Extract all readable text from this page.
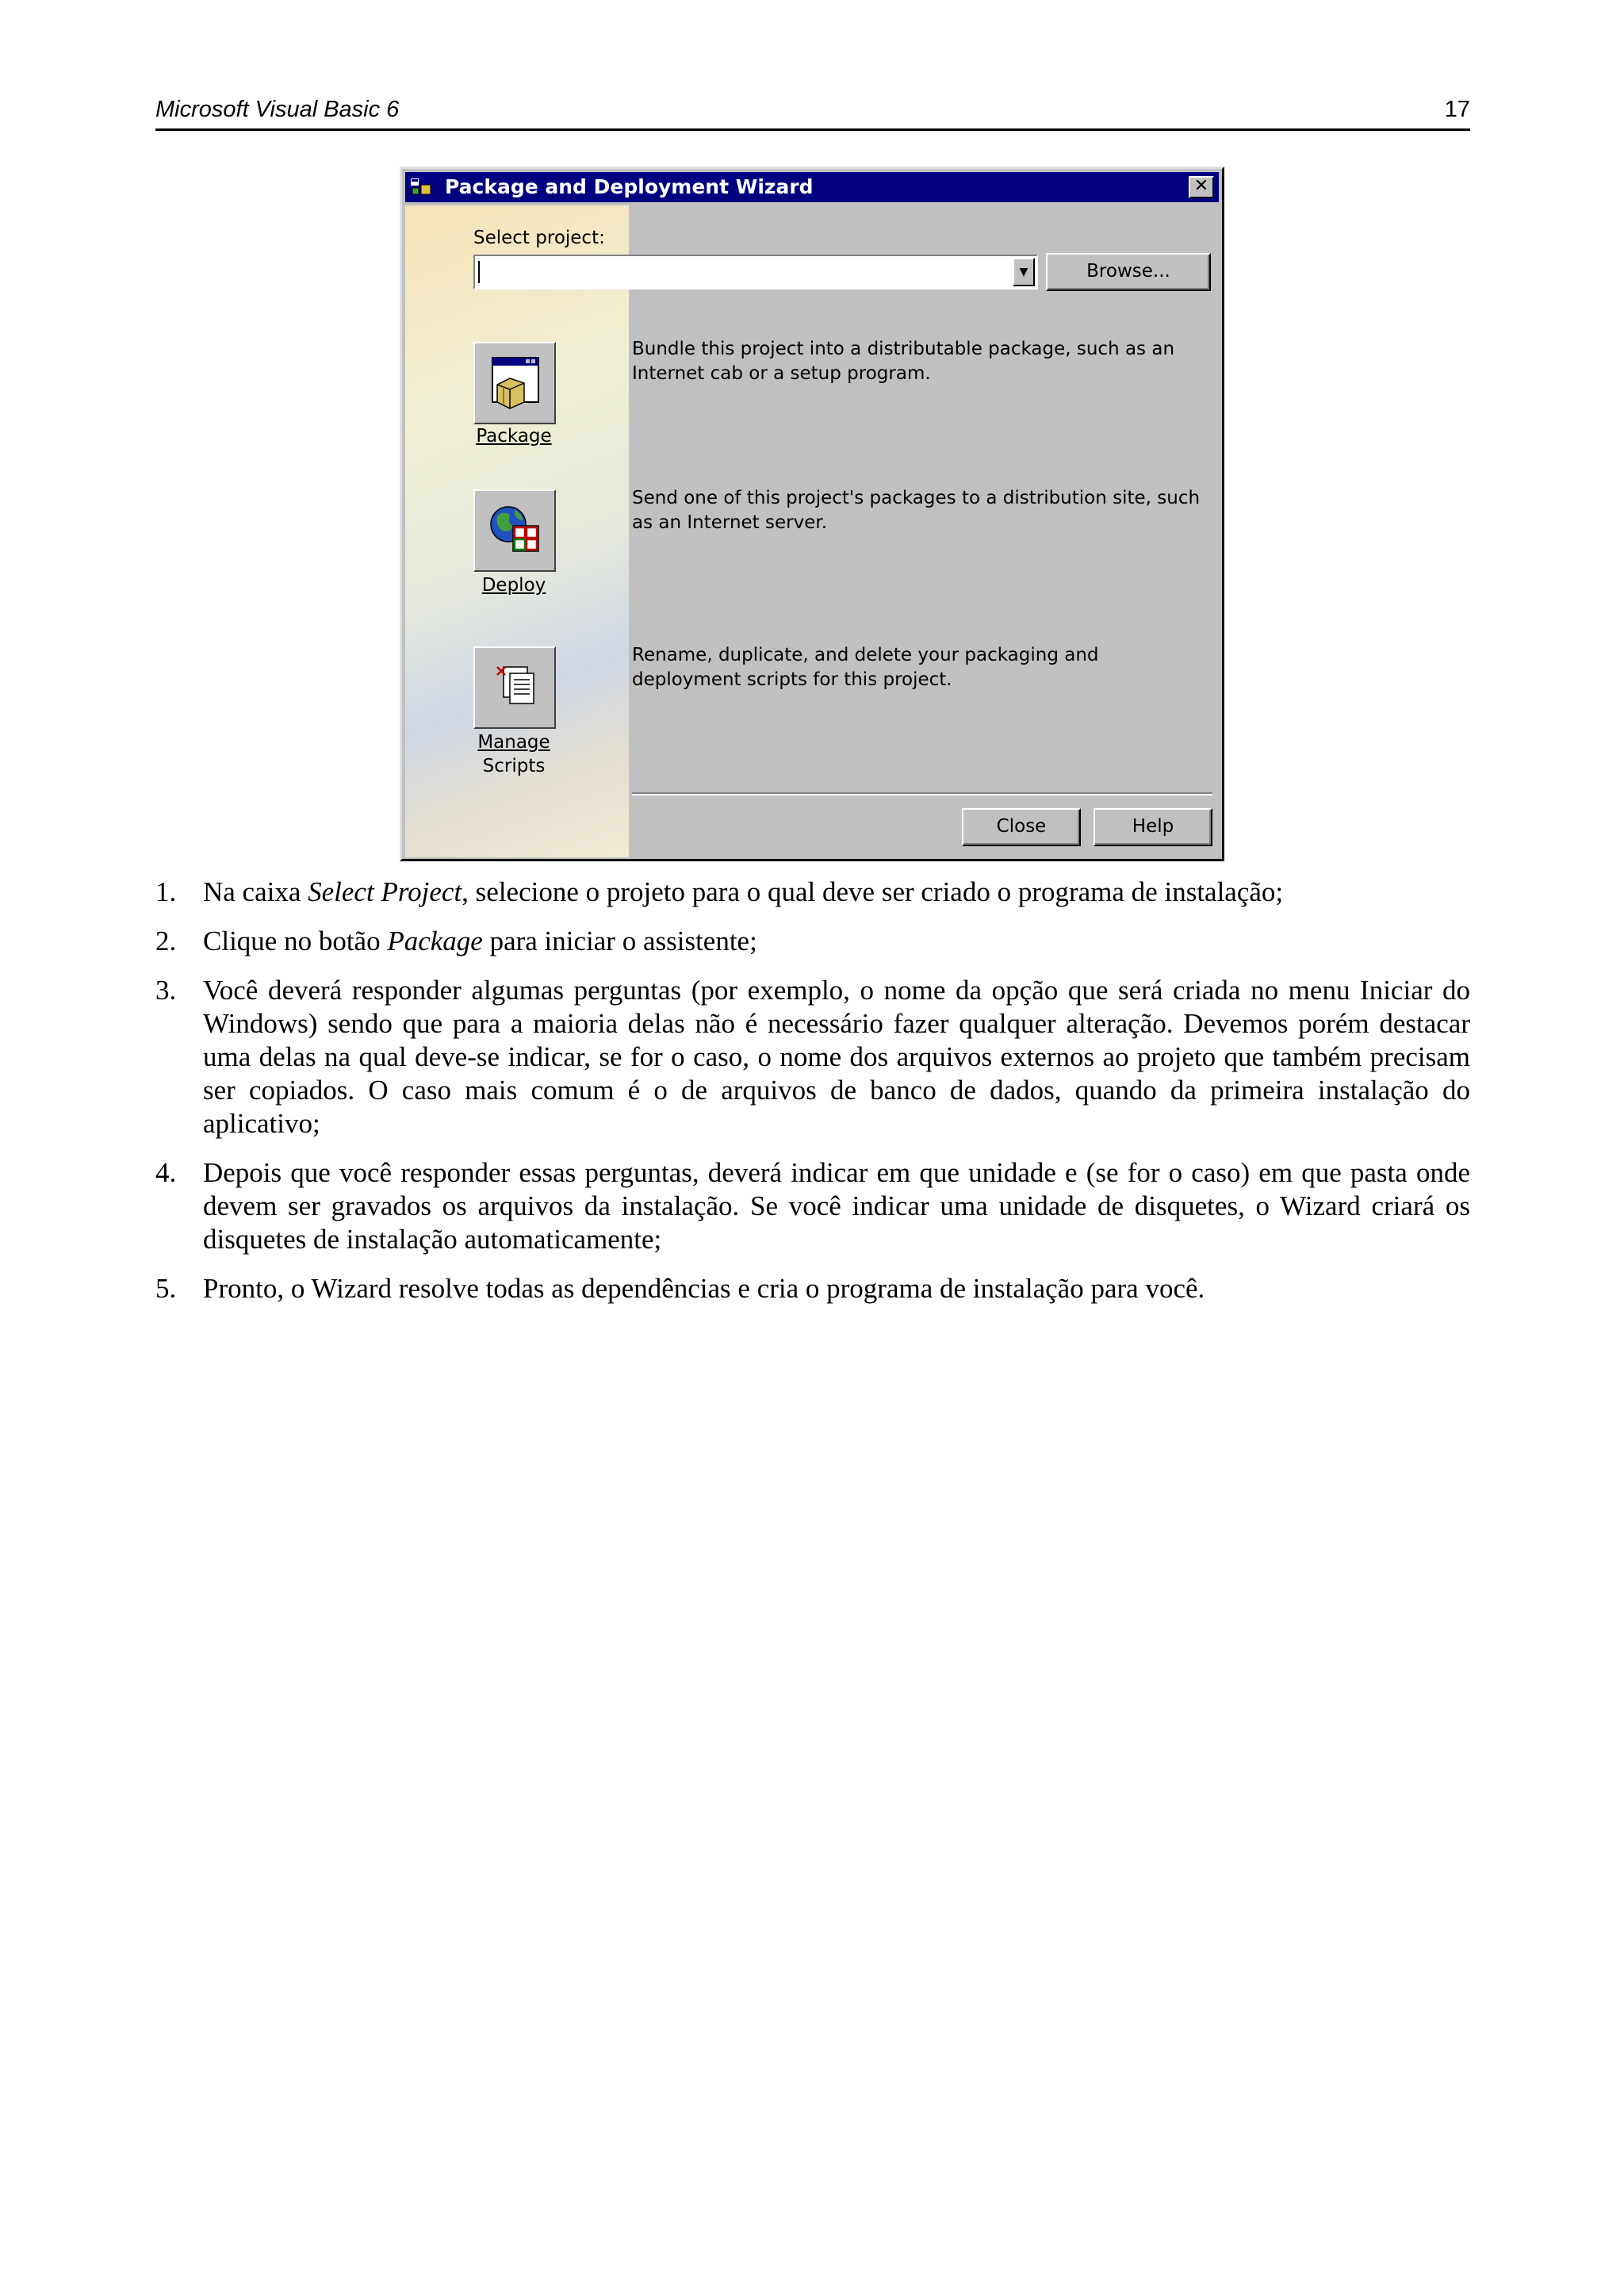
Microsoft Visual Basic 6	17
Package and Deployment Wizard	✕
Select project:
▼	Browse...
Package
Deploy
Manage
Scripts
Bundle this project into a distributable package, such as an Internet cab or a setup program.
Send one of this project's packages to a distribution site, such as an Internet server.
Rename, duplicate, and delete your packaging and deployment scripts for this project.
Close	Help
1. Na caixa Select Project, selecione o projeto para o qual deve ser criado o programa de instalação;
2. Clique no botão Package para iniciar o assistente;
3. Você deverá responder algumas perguntas (por exemplo, o nome da opção que será criada no menu Iniciar do Windows) sendo que para a maioria delas não é necessário fazer qualquer alteração. Devemos porém destacar uma delas na qual deve-se indicar, se for o caso, o nome dos arquivos externos ao projeto que também precisam ser copiados. O caso mais comum é o de arquivos de banco de dados, quando da primeira instalação do aplicativo;
4. Depois que você responder essas perguntas, deverá indicar em que unidade e (se for o caso) em que pasta onde devem ser gravados os arquivos da instalação. Se você indicar uma unidade de disquetes, o Wizard criará os disquetes de instalação automaticamente;
5. Pronto, o Wizard resolve todas as dependências e cria o programa de instalação para você.
